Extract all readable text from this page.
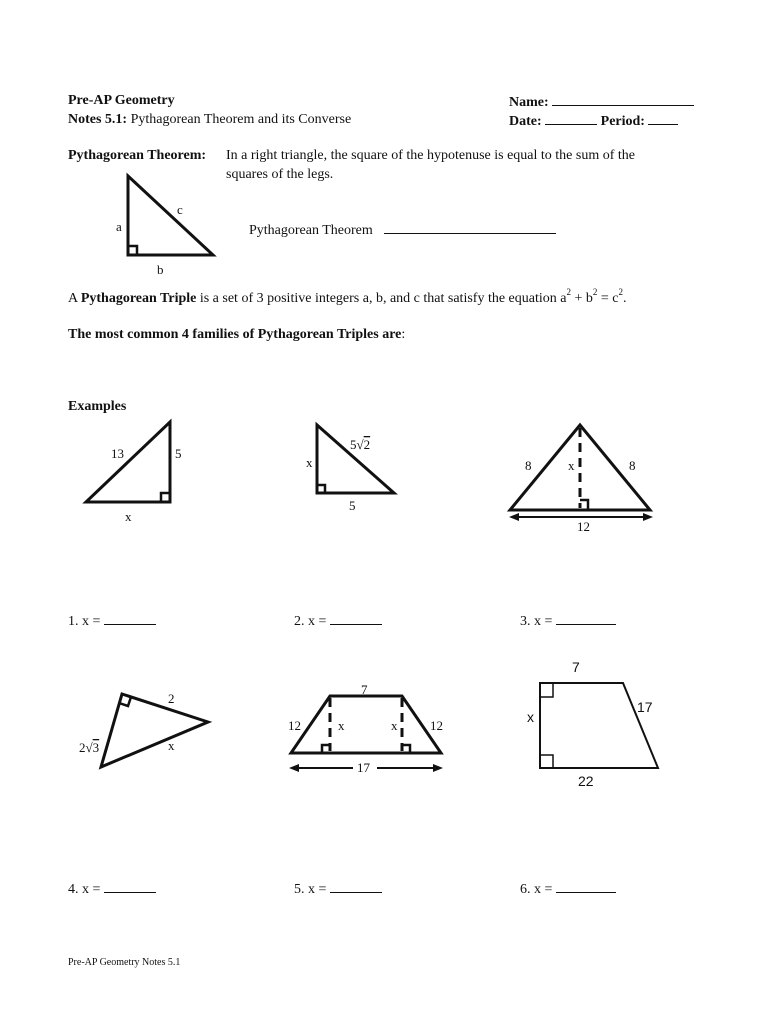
Pre-AP Geometry
Notes 5.1: Pythagorean Theorem and its Converse
Name:
Date:	Period:
Pythagorean Theorem: In a right triangle, the square of the hypotenuse is equal to the sum of the
squares of the legs.
a
c
b
Pythagorean Theorem
A Pythagorean Triple is a set of 3 positive integers a, b, and c that satisfy the equation $a^2 + b^2 = c^2$.
The most common 4 families of Pythagorean Triples are:
Examples
13	5
x
5√2
x
5
8	8
x
12
1. x =	2. x =	3. x =
2
2√3	x
7
12	12
x	x
17
7
x
17
22
4. x =	5. x =	6. x =
Pre-AP Geometry Notes 5.1
